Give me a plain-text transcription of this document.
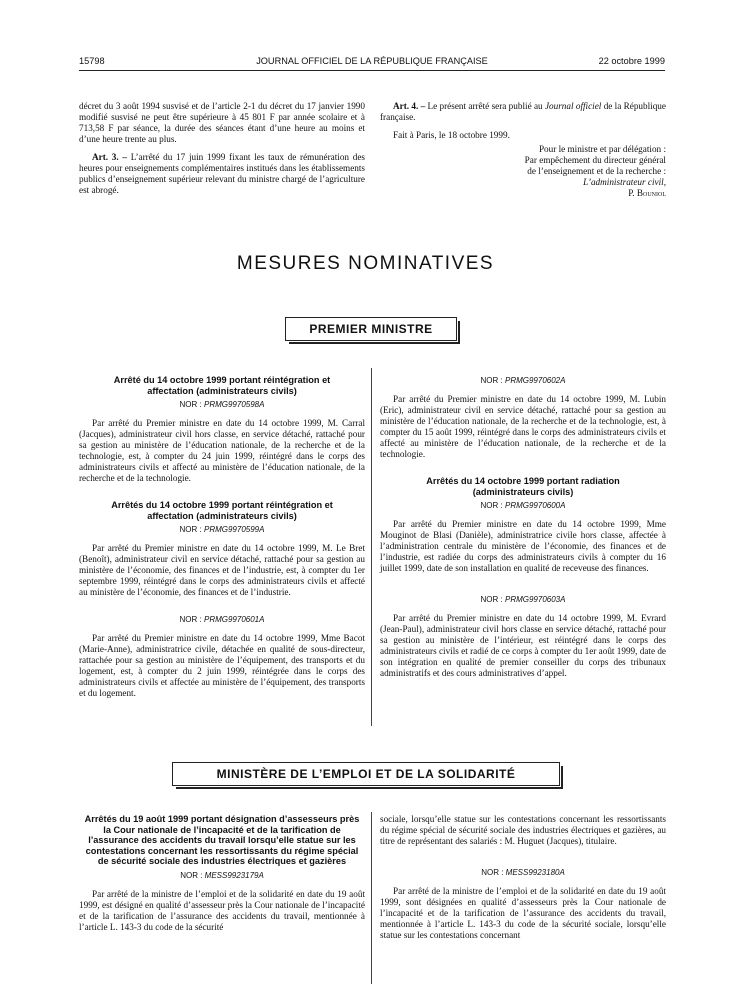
15798	JOURNAL OFFICIEL DE LA RÉPUBLIQUE FRANÇAISE	22 octobre 1999

décret du 3 août 1994 susvisé et de l’article 2-1 du décret du 17 janvier 1990 modifié susvisé ne peut être supérieure à 45 801 F par année scolaire et à 713,58 F par séance, la durée des séances étant d’une heure au moins et d’une heure trente au plus.

Art. 3. – L’arrêté du 17 juin 1999 fixant les taux de rémunération des heures pour enseignements complémentaires institués dans les établissements publics d’enseignement supérieur relevant du ministre chargé de l’agriculture est abrogé.

Art. 4. – Le présent arrêté sera publié au Journal officiel de la République française.

Fait à Paris, le 18 octobre 1999.

Pour le ministre et par délégation :
Par empêchement du directeur général
de l’enseignement et de la recherche :
L’administrateur civil,
P. Bouniol
MESURES NOMINATIVES
PREMIER MINISTRE
Arrêté du 14 octobre 1999 portant réintégration et affectation (administrateurs civils)
NOR : PRMG9970598A

Par arrêté du Premier ministre en date du 14 octobre 1999, M. Carral (Jacques), administrateur civil hors classe, en service détaché, rattaché pour sa gestion au ministère de l’éducation nationale, de la recherche et de la technologie, est, à compter du 24 juin 1999, réintégré dans le corps des administrateurs civils et affecté au ministère de l’éducation nationale, de la recherche et de la technologie.

Arrêtés du 14 octobre 1999 portant réintégration et affectation (administrateurs civils)
NOR : PRMG9970599A

Par arrêté du Premier ministre en date du 14 octobre 1999, M. Le Bret (Benoît), administrateur civil en service détaché, rattaché pour sa gestion au ministère de l’économie, des finances et de l’industrie, est, à compter du 1er septembre 1999, réintégré dans le corps des administrateurs civils et affecté au ministère de l’économie, des finances et de l’industrie.

NOR : PRMG9970601A

Par arrêté du Premier ministre en date du 14 octobre 1999, Mme Bacot (Marie-Anne), administratrice civile, détachée en qualité de sous-directeur, rattachée pour sa gestion au ministère de l’équipement, des transports et du logement, est, à compter du 2 juin 1999, réintégrée dans le corps des administrateurs civils et affectée au ministère de l’équipement, des transports et du logement.

NOR : PRMG9970602A

Par arrêté du Premier ministre en date du 14 octobre 1999, M. Lubin (Eric), administrateur civil en service détaché, rattaché pour sa gestion au ministère de l’éducation nationale, de la recherche et de la technologie, est, à compter du 15 août 1999, réintégré dans le corps des administrateurs civils et affecté au ministère de l’éducation nationale, de la recherche et de la technologie.

Arrêtés du 14 octobre 1999 portant radiation (administrateurs civils)
NOR : PRMG9970600A

Par arrêté du Premier ministre en date du 14 octobre 1999, Mme Mouginot de Blasi (Danièle), administratrice civile hors classe, affectée à l’administration centrale du ministère de l’économie, des finances et de l’industrie, est radiée du corps des administrateurs civils à compter du 16 juillet 1999, date de son installation en qualité de receveuse des finances.

NOR : PRMG9970603A

Par arrêté du Premier ministre en date du 14 octobre 1999, M. Evrard (Jean-Paul), administrateur civil hors classe en service détaché, rattaché pour sa gestion au ministère de l’intérieur, est réintégré dans le corps des administrateurs civils et radié de ce corps à compter du 1er août 1999, date de son intégration en qualité de premier conseiller du corps des tribunaux administratifs et des cours administratives d’appel.

MINISTÈRE DE L’EMPLOI ET DE LA SOLIDARITÉ
Arrêtés du 19 août 1999 portant désignation d’assesseurs près la Cour nationale de l’incapacité et de la tarification de l’assurance des accidents du travail lorsqu’elle statue sur les contestations concernant les ressortissants du régime spécial de sécurité sociale des industries électriques et gazières
NOR : MESS9923179A

Par arrêté de la ministre de l’emploi et de la solidarité en date du 19 août 1999, est désigné en qualité d’assesseur près la Cour nationale de l’incapacité et de la tarification de l’assurance des accidents du travail, mentionnée à l’article L. 143-3 du code de la sécurité

sociale, lorsqu’elle statue sur les contestations concernant les ressortissants du régime spécial de sécurité sociale des industries électriques et gazières, au titre de représentant des salariés : M. Huguet (Jacques), titulaire.

NOR : MESS9923180A

Par arrêté de la ministre de l’emploi et de la solidarité en date du 19 août 1999, sont désignées en qualité d’assesseurs près la Cour nationale de l’incapacité et de la tarification de l’assurance des accidents du travail, mentionnée à l’article L. 143-3 du code de la sécurité sociale, lorsqu’elle statue sur les contestations concernant
